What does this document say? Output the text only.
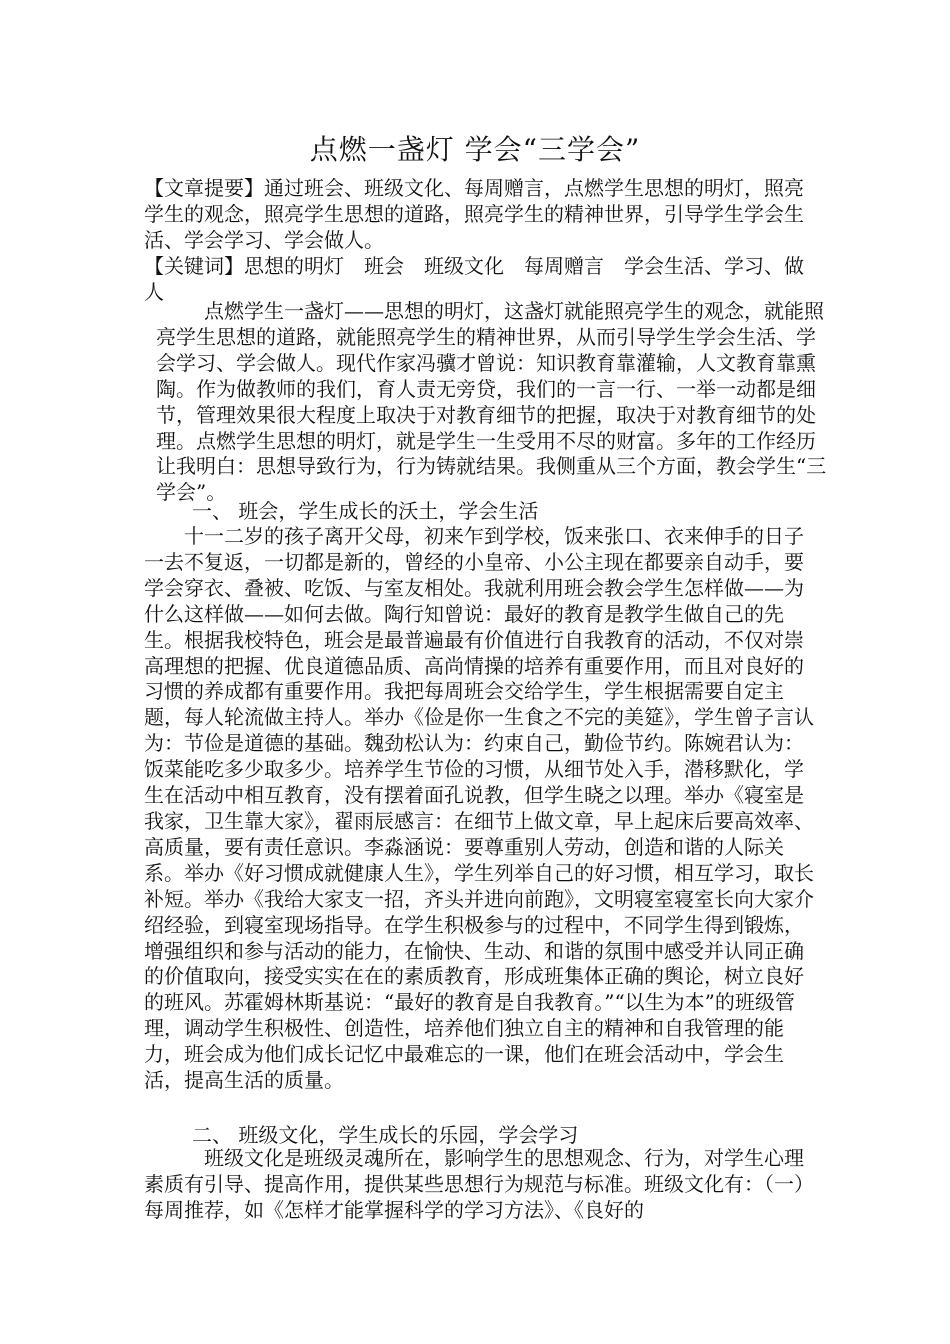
点燃一盏灯 学会“三学会”

【文章提要】通过班会、班级文化、每周赠言，点燃学生思想的明灯，照亮学生的观念，照亮学生思想的道路，照亮学生的精神世界，引导学生学会生活、学会学习、学会做人。

【关键词】思想的明灯　班会　班级文化　每周赠言　学会生活、学习、做人

点燃学生一盏灯——思想的明灯，这盏灯就能照亮学生的观念，就能照亮学生思想的道路，就能照亮学生的精神世界，从而引导学生学会生活、学会学习、学会做人。现代作家冯骥才曾说：知识教育靠灌输，人文教育靠熏陶。作为做教师的我们，育人责无旁贷，我们的一言一行、一举一动都是细节，管理效果很大程度上取决于对教育细节的把握，取决于对教育细节的处理。点燃学生思想的明灯，就是学生一生受用不尽的财富。多年的工作经历让我明白：思想导致行为，行为铸就结果。我侧重从三个方面，教会学生“三学会”。

一、 班会，学生成长的沃土，学会生活

十一二岁的孩子离开父母，初来乍到学校，饭来张口、衣来伸手的日子一去不复返，一切都是新的，曾经的小皇帝、小公主现在都要亲自动手，要学会穿衣、叠被、吃饭、与室友相处。我就利用班会教会学生怎样做——为什么这样做——如何去做。陶行知曾说：最好的教育是教学生做自己的先生。根据我校特色，班会是最普遍最有价值进行自我教育的活动，不仅对崇高理想的把握、优良道德品质、高尚情操的培养有重要作用，而且对良好的习惯的养成都有重要作用。我把每周班会交给学生，学生根据需要自定主题，每人轮流做主持人。举办《俭是你一生食之不完的美筵》，学生曾子言认为：节俭是道德的基础。魏劲松认为：约束自己，勤俭节约。陈婉君认为：饭菜能吃多少取多少。培养学生节俭的习惯，从细节处入手，潜移默化，学生在活动中相互教育，没有摆着面孔说教，但学生晓之以理。举办《寝室是我家，卫生靠大家》，翟雨辰感言：在细节上做文章，早上起床后要高效率、高质量，要有责任意识。李淼涵说：要尊重别人劳动，创造和谐的人际关系。举办《好习惯成就健康人生》，学生列举自己的好习惯，相互学习，取长补短。举办《我给大家支一招，齐头并进向前跑》，文明寝室寝室长向大家介绍经验，到寝室现场指导。在学生积极参与的过程中，不同学生得到锻炼，增强组织和参与活动的能力，在愉快、生动、和谐的氛围中感受并认同正确的价值取向，接受实实在在的素质教育，形成班集体正确的舆论，树立良好的班风。苏霍姆林斯基说：“最好的教育是自我教育。”“以生为本”的班级管理，调动学生积极性、创造性，培养他们独立自主的精神和自我管理的能力，班会成为他们成长记忆中最难忘的一课，他们在班会活动中，学会生活，提高生活的质量。

二、 班级文化，学生成长的乐园，学会学习

班级文化是班级灵魂所在，影响学生的思想观念、行为，对学生心理素质有引导、提高作用，提供某些思想行为规范与标准。班级文化有：（一）每周推荐，如《怎样才能掌握科学的学习方法》、《良好的
